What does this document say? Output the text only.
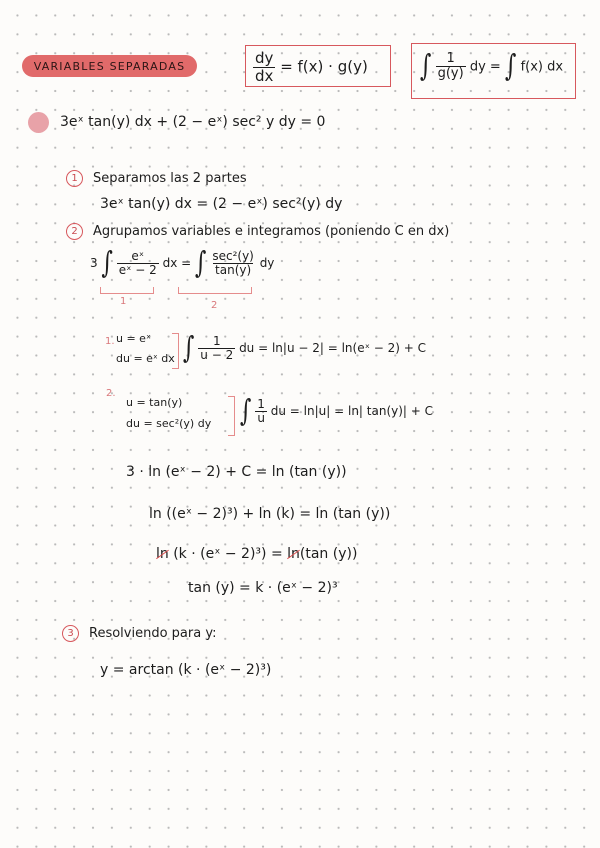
VARIABLES SEPARADAS	$\frac{dy}{dx} = f(x) \cdot g(y)$ ∫ $\frac{1}{g(y)}$ dy = ∫ f(x) dx
3eˣ tan(y) dx + (2 − eˣ) sec² y dy = 0
1 Separamos las 2 partes
3eˣ tan(y) dx = (2 − eˣ) sec²(y) dy
2 Agrupamos variables e integramos (poniendo C en dx)
3 ∫ $\frac{\text{eˣ}}{\text{eˣ − 2}}$ dx = ∫ $\frac{\text{sec²(y)}}{\tan(y)}$ dy
1	2
1. u = eˣ
du = eˣ dx ∫ $\frac{1}{u - 2}$ du = ln|u − 2| = ln(eˣ − 2) + C
2.
u = tan(y)
du = sec²(y) dy ∫ $\frac{1}{u}$ du = ln|u| = ln| tan(y)| + C
3 · ln (eˣ − 2) + C = ln (tan (y))
ln ((eˣ − 2)³) + ln (k) = ln (tan (y))
ln (k · (eˣ − 2)³) = ln(tan (y))
tan (y) = k · (eˣ − 2)³
3 Resolviendo para y:
y = arctan (k · (eˣ − 2)³)
